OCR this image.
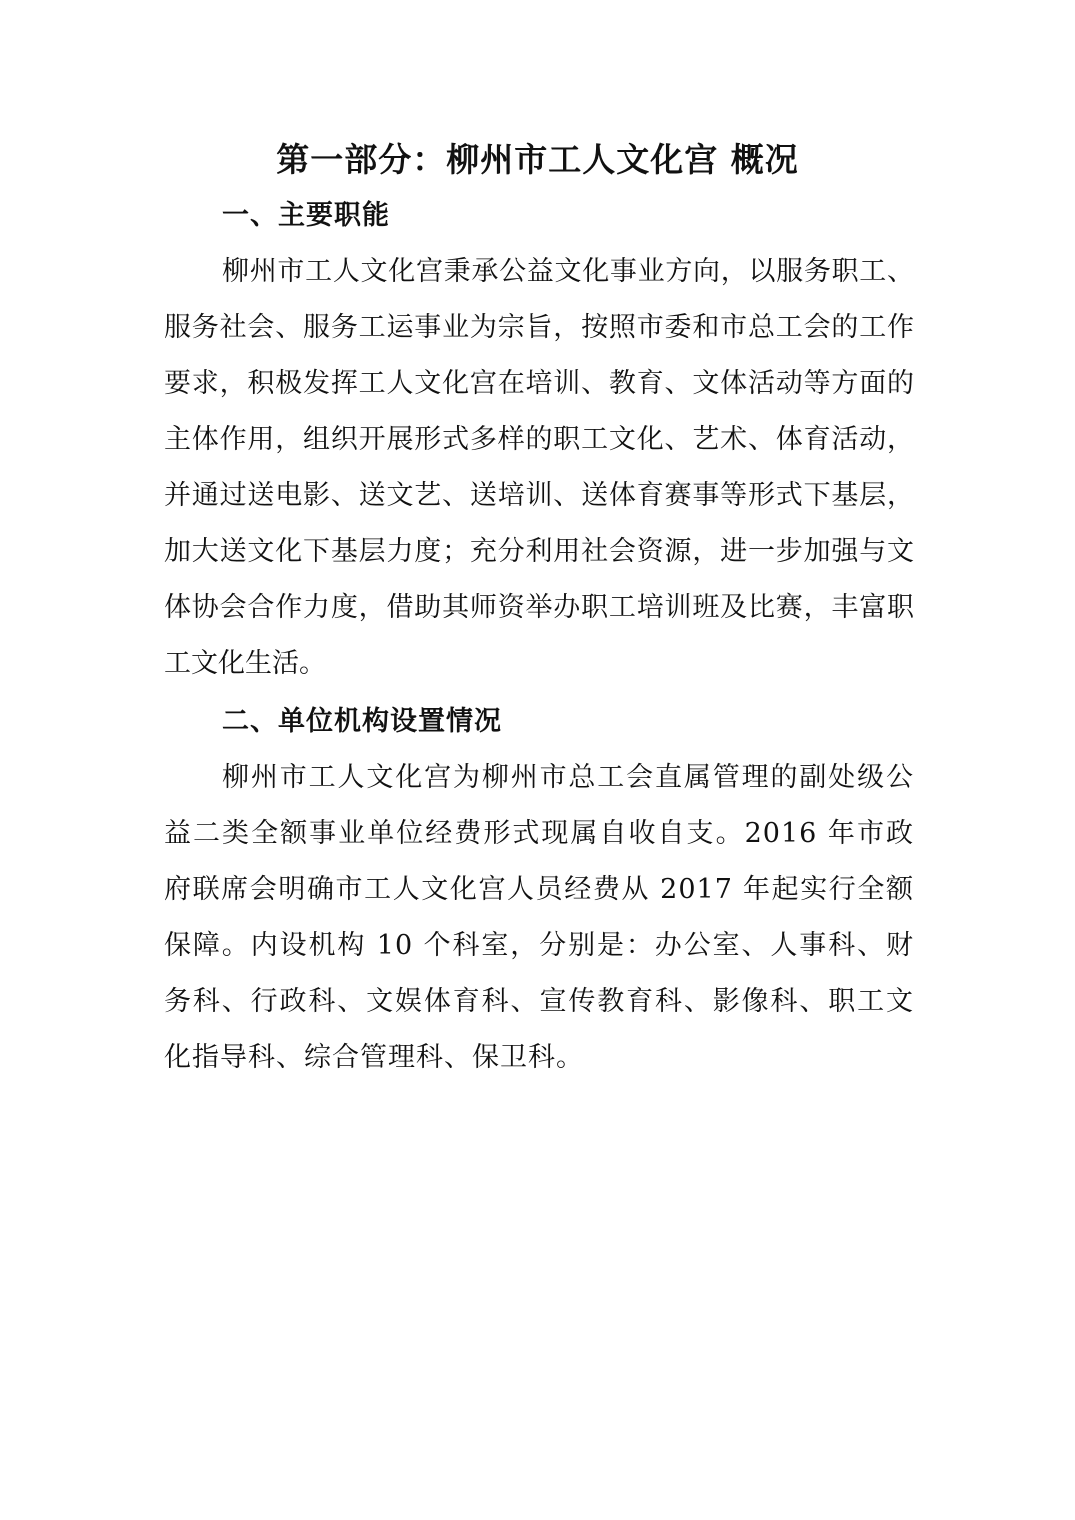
第一部分：柳州市工人文化宫 概况
一、主要职能

柳州市工人文化宫秉承公益文化事业方向，以服务职工、服务社会、服务工运事业为宗旨，按照市委和市总工会的工作要求，积极发挥工人文化宫在培训、教育、文体活动等方面的主体作用，组织开展形式多样的职工文化、艺术、体育活动，并通过送电影、送文艺、送培训、送体育赛事等形式下基层，加大送文化下基层力度；充分利用社会资源，进一步加强与文体协会合作力度，借助其师资举办职工培训班及比赛，丰富职工文化生活。

二、单位机构设置情况

柳州市工人文化宫为柳州市总工会直属管理的副处级公益二类全额事业单位经费形式现属自收自支。2016 年市政府联席会明确市工人文化宫人员经费从 2017 年起实行全额保障。内设机构 10 个科室，分别是：办公室、人事科、财务科、行政科、文娱体育科、宣传教育科、影像科、职工文化指导科、综合管理科、保卫科。
